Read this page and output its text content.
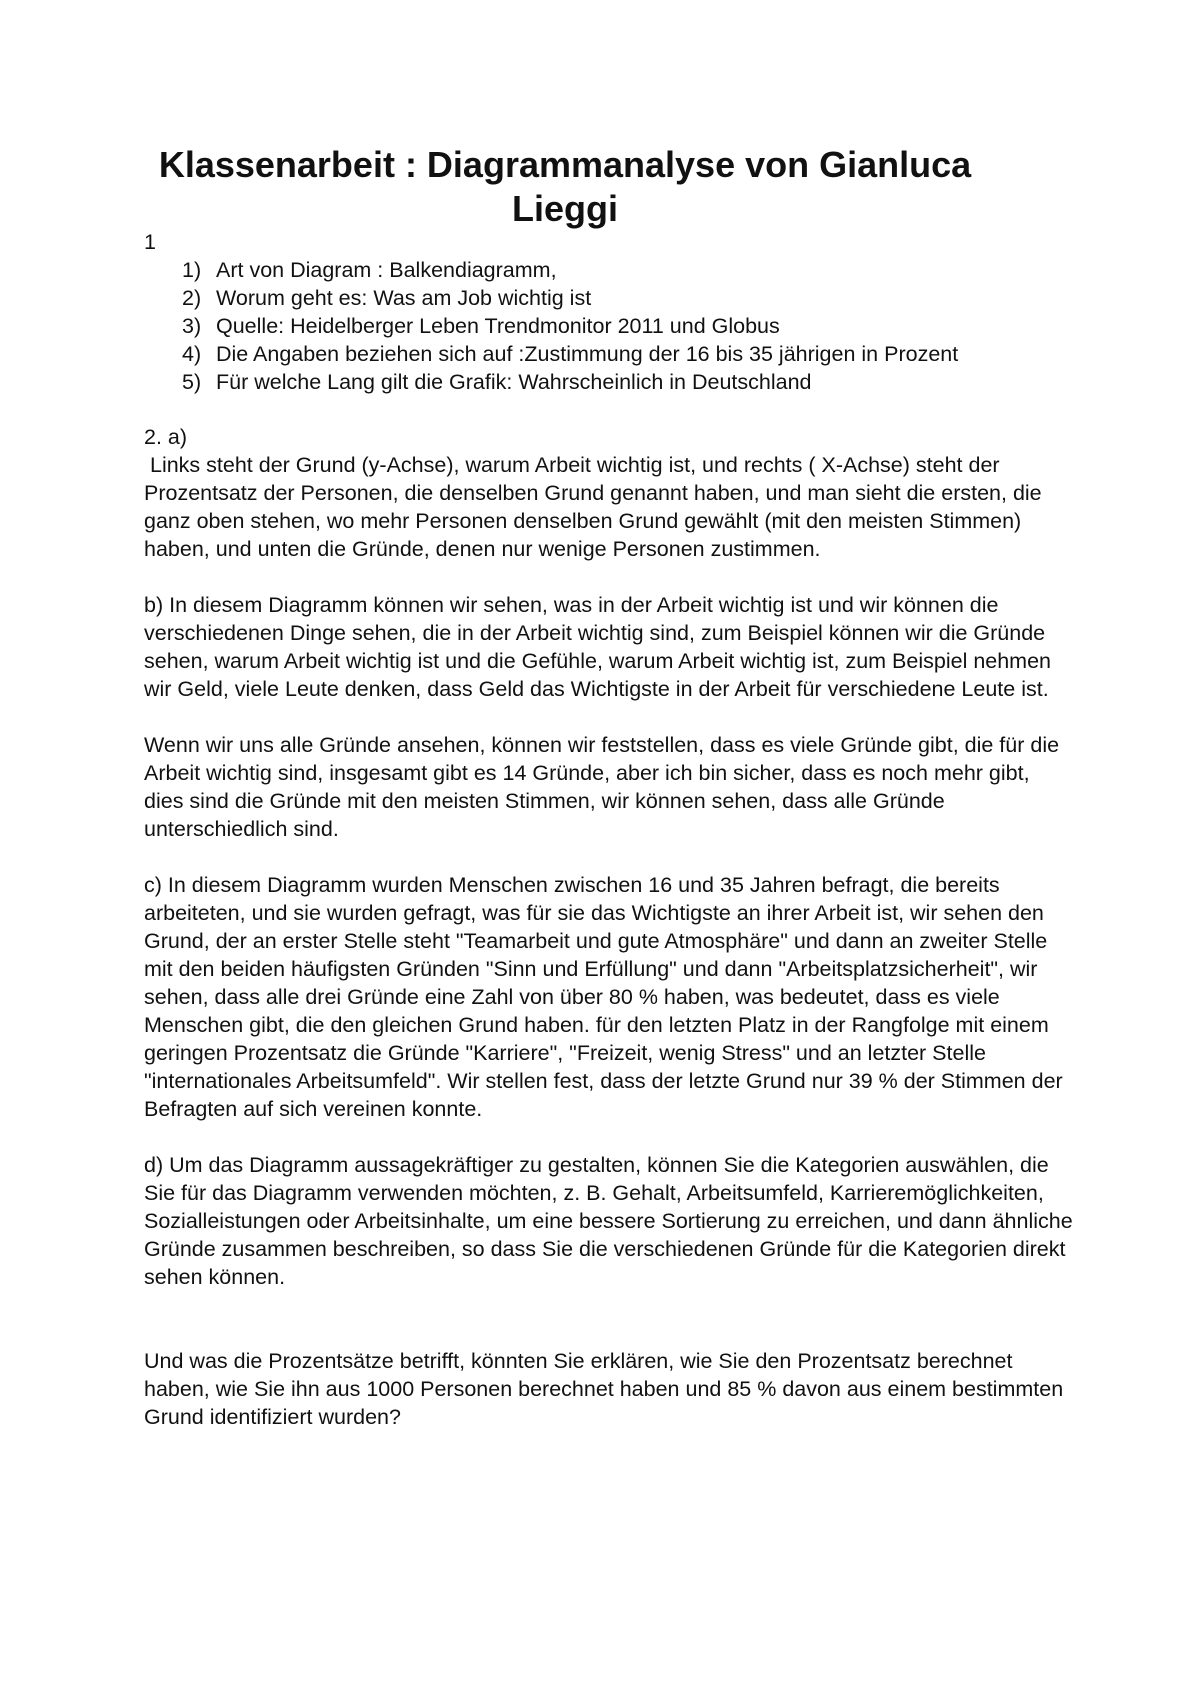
Klassenarbeit : Diagrammanalyse von Gianluca Lieggi

1

1) Art von Diagram : Balkendiagramm,
2) Worum geht es: Was am Job wichtig ist
3) Quelle: Heidelberger Leben Trendmonitor 2011 und Globus
4) Die Angaben beziehen sich auf :Zustimmung der 16 bis 35 jährigen in Prozent
5) Für welche Lang gilt die Grafik: Wahrscheinlich in Deutschland

2. a)

Links steht der Grund (y-Achse), warum Arbeit wichtig ist, und rechts ( X-Achse) steht der Prozentsatz der Personen, die denselben Grund genannt haben, und man sieht die ersten, die ganz oben stehen, wo mehr Personen denselben Grund gewählt (mit den meisten Stimmen) haben, und unten die Gründe, denen nur wenige Personen zustimmen.

b) In diesem Diagramm können wir sehen, was in der Arbeit wichtig ist und wir können die verschiedenen Dinge sehen, die in der Arbeit wichtig sind, zum Beispiel können wir die Gründe sehen, warum Arbeit wichtig ist und die Gefühle, warum Arbeit wichtig ist, zum Beispiel nehmen wir Geld, viele Leute denken, dass Geld das Wichtigste in der Arbeit für verschiedene Leute ist.

Wenn wir uns alle Gründe ansehen, können wir feststellen, dass es viele Gründe gibt, die für die Arbeit wichtig sind, insgesamt gibt es 14 Gründe, aber ich bin sicher, dass es noch mehr gibt, dies sind die Gründe mit den meisten Stimmen, wir können sehen, dass alle Gründe unterschiedlich sind.

c) In diesem Diagramm wurden Menschen zwischen 16 und 35 Jahren befragt, die bereits arbeiteten, und sie wurden gefragt, was für sie das Wichtigste an ihrer Arbeit ist, wir sehen den Grund, der an erster Stelle steht "Teamarbeit und gute Atmosphäre" und dann an zweiter Stelle mit den beiden häufigsten Gründen "Sinn und Erfüllung" und dann "Arbeitsplatzsicherheit", wir sehen, dass alle drei Gründe eine Zahl von über 80 % haben, was bedeutet, dass es viele Menschen gibt, die den gleichen Grund haben. für den letzten Platz in der Rangfolge mit einem geringen Prozentsatz die Gründe "Karriere", "Freizeit, wenig Stress" und an letzter Stelle "internationales Arbeitsumfeld". Wir stellen fest, dass der letzte Grund nur 39 % der Stimmen der Befragten auf sich vereinen konnte.

d) Um das Diagramm aussagekräftiger zu gestalten, können Sie die Kategorien auswählen, die Sie für das Diagramm verwenden möchten, z. B. Gehalt, Arbeitsumfeld, Karrieremöglichkeiten, Sozialleistungen oder Arbeitsinhalte, um eine bessere Sortierung zu erreichen, und dann ähnliche Gründe zusammen beschreiben, so dass Sie die verschiedenen Gründe für die Kategorien direkt sehen können.

Und was die Prozentsätze betrifft, könnten Sie erklären, wie Sie den Prozentsatz berechnet haben, wie Sie ihn aus 1000 Personen berechnet haben und 85 % davon aus einem bestimmten Grund identifiziert wurden?
